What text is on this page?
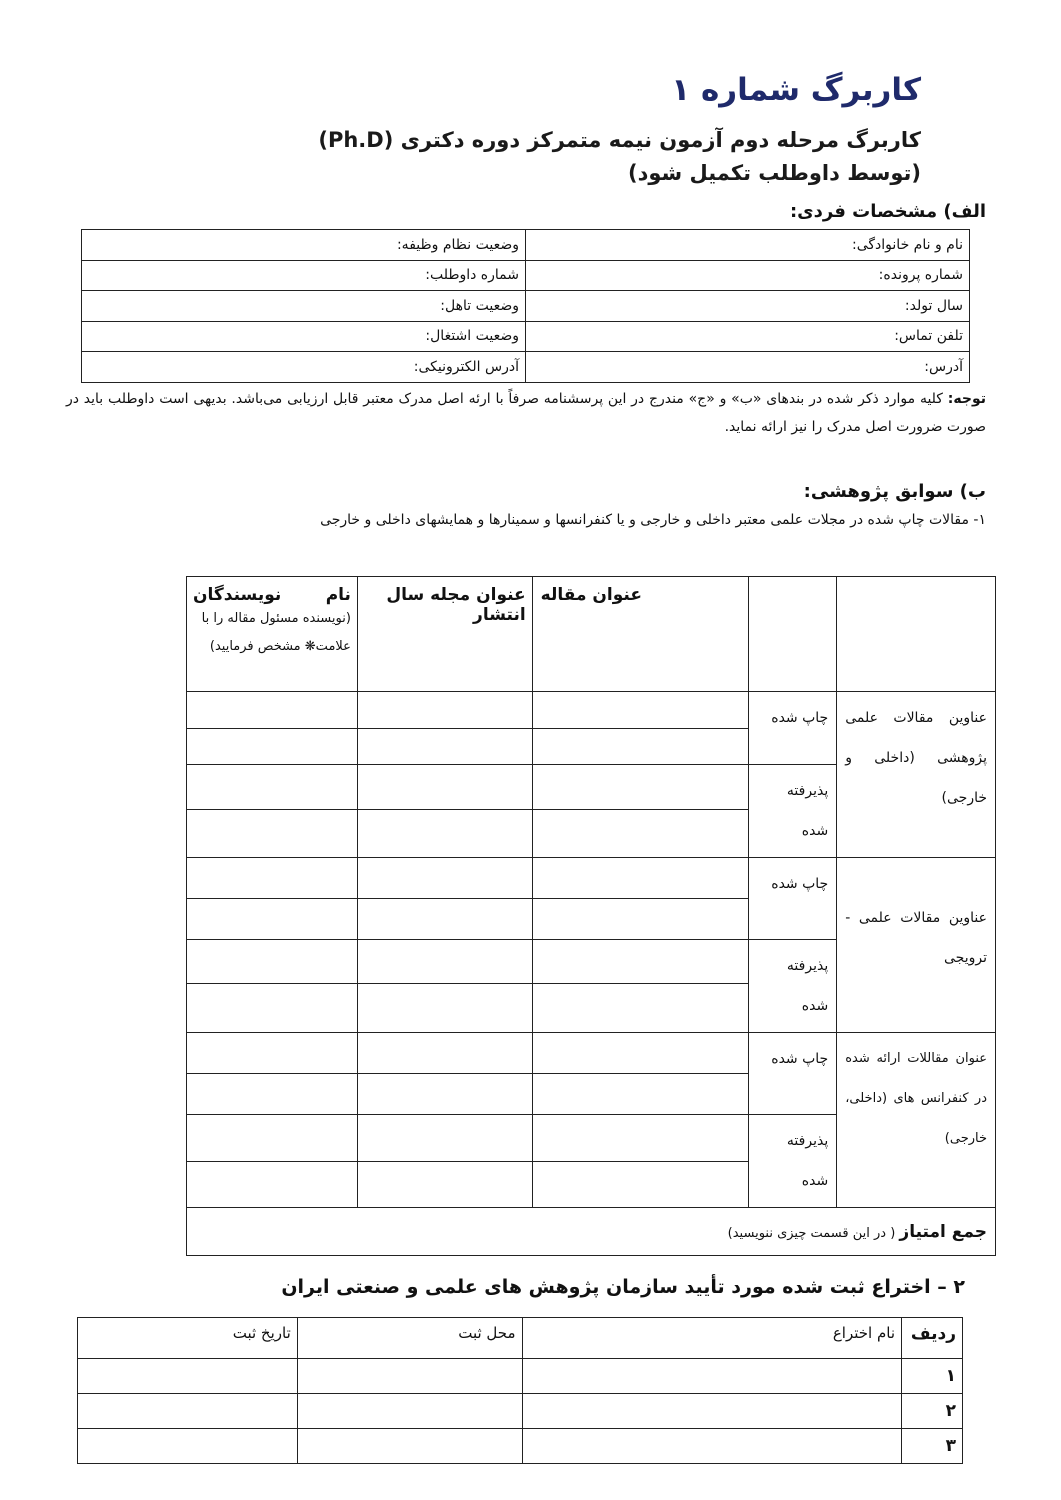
کاربرگ شماره ۱
کاربرگ مرحله دوم آزمون نیمه متمرکز دوره دکتری (Ph.D)
(توسط داوطلب تکمیل شود)
الف) مشخصات فردی:
نام و نام خانوادگی:	وضعیت نظام وظیفه:
شماره پرونده:	شماره داوطلب:
سال تولد:	وضعیت تاهل:
تلفن تماس:	وضعیت اشتغال:
آدرس:	آدرس الکترونیکی:
توجه: کلیه موارد ذکر شده در بندهای «ب» و «ج» مندرج در این پرسشنامه صرفاً با ارئه اصل مدرک معتبر قابل ارزیابی می‌باشد. بدیهی است داوطلب باید در صورت ضرورت اصل مدرک را نیز ارائه نماید.
ب) سوابق پژوهشی:
۱- مقالات چاپ شده در مجلات علمی معتبر داخلی و خارجی و یا کنفرانسها و سمینارها و همایشهای داخلی و خارجی
		عنوان مقاله	عنوان مجله سال انتشار	نام
نویسندگان
(نویسنده مسئول مقاله را با علامت❋ مشخص فرمایید)

عناوین مقالات علمی پژوهشی (داخلی و خارجی)	چاپ شده			

	پذیرفته شده			

عناوین مقالات علمی - ترویجی	چاپ شده			

	پذیرفته شده			

عنوان مقاللات ارائه شده در کنفرانس های (داخلی، خارجی)	چاپ شده			

	پذیرفته شده			

جمع امتیاز ( در این قسمت چیزی ننویسید)				
۲ – اختراع ثبت شده مورد تأیید سازمان پژوهش های علمی و صنعتی ایران
ردیف	نام اختراع	محل ثبت	تاریخ ثبت
۱			
۲			
۳			
